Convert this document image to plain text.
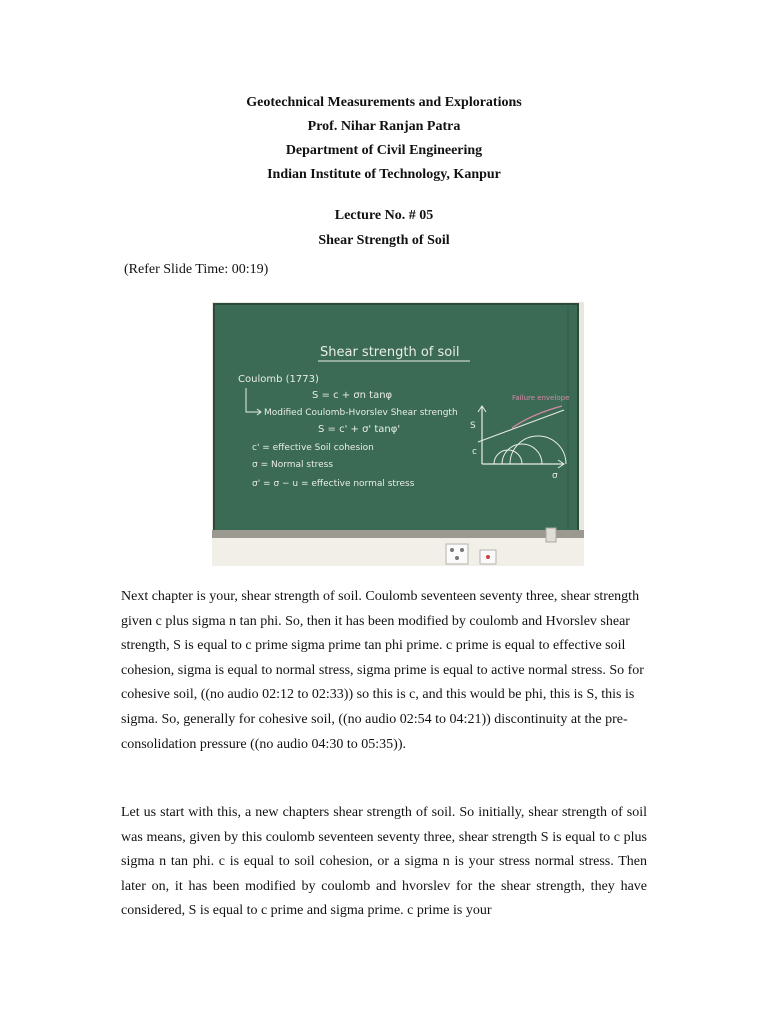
Geotechnical Measurements and Explorations
Prof. Nihar Ranjan Patra
Department of Civil Engineering
Indian Institute of Technology, Kanpur
Lecture No. # 05
Shear Strength of Soil
(Refer Slide Time: 00:19)
Shear strength of soil
Coulomb (1773)
S = c + σn tanφ
Modified Coulomb-Hvorslev Shear strength
S = c' + σ' tanφ'
c' = effective Soil cohesion
σ = Normal stress
σ' = σ − u = effective normal stress
S
c
σ
Failure envelope

Next chapter is your, shear strength of soil. Coulomb seventeen seventy three, shear strength given c plus sigma n tan phi. So, then it has been modified by coulomb and Hvorslev shear strength, S is equal to c prime sigma prime tan phi prime. c prime is equal to effective soil cohesion, sigma is equal to normal stress, sigma prime is equal to active normal stress. So for cohesive soil, ((no audio 02:12 to 02:33)) so this is c, and this would be phi, this is S, this is sigma. So, generally for cohesive soil, ((no audio 02:54 to 04:21)) discontinuity at the pre-consolidation pressure ((no audio 04:30 to 05:35)).

Let us start with this, a new chapters shear strength of soil. So initially, shear strength of soil was means, given by this coulomb seventeen seventy three, shear strength S is equal to c plus sigma n tan phi. c is equal to soil cohesion, or a sigma n is your stress normal stress. Then later on, it has been modified by coulomb and hvorslev for the shear strength, they have considered, S is equal to c prime and sigma prime. c prime is your
